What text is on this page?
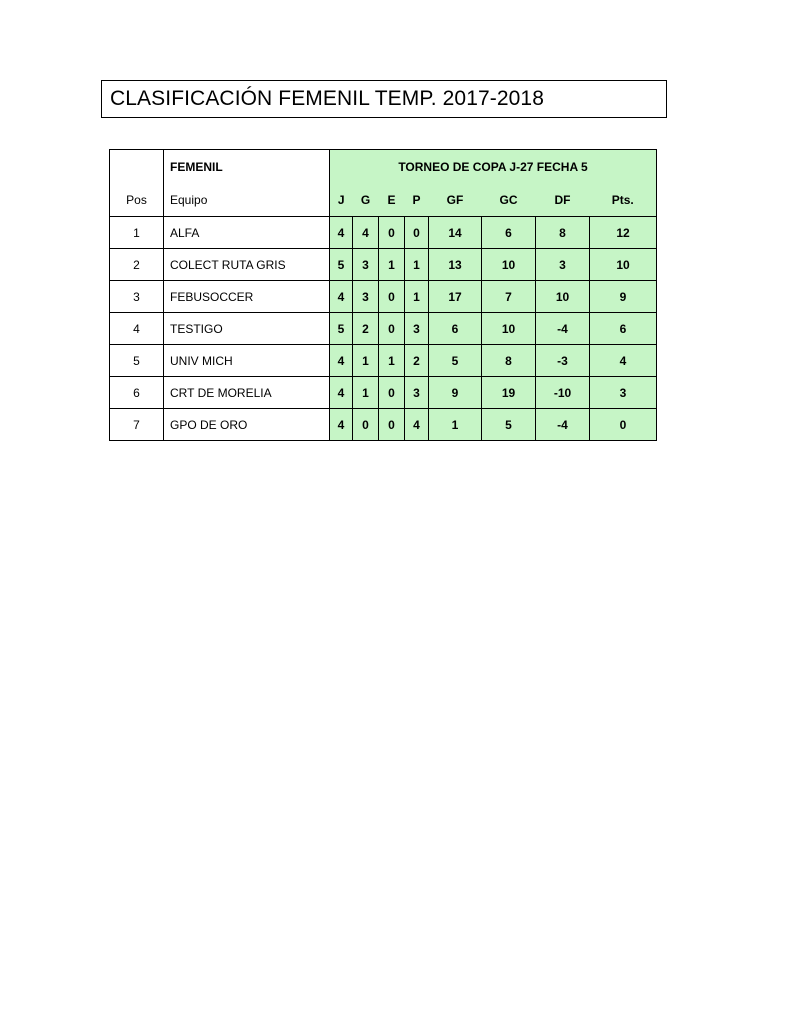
CLASIFICACIÓN FEMENIL TEMP. 2017-2018
	FEMENIL	TORNEO DE COPA J-27 FECHA 5							
Pos	Equipo	J	G	E	P	GF	GC	DF	Pts.
1	ALFA	4	4	0	0	14	6	8	12
2	COLECT RUTA GRIS	5	3	1	1	13	10	3	10
3	FEBUSOCCER	4	3	0	1	17	7	10	9
4	TESTIGO	5	2	0	3	6	10	-4	6
5	UNIV MICH	4	1	1	2	5	8	-3	4
6	CRT DE MORELIA	4	1	0	3	9	19	-10	3
7	GPO DE ORO	4	0	0	4	1	5	-4	0
